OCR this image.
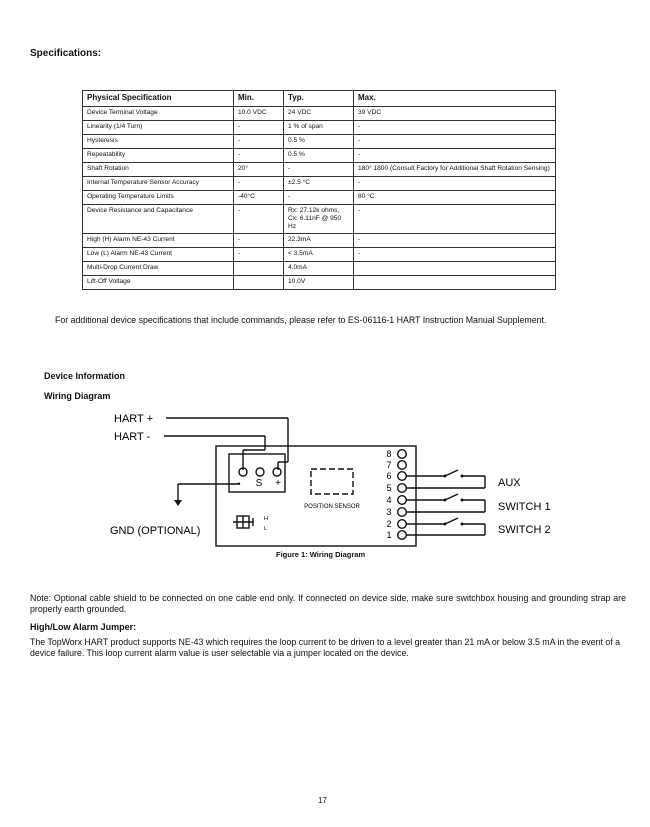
Specifications:
Physical Specification	Min.	Typ.	Max.
Device Terminal Voltage	10.0 VDC	24 VDC	39 VDC
Linearity (1/4 Turn)	-	1 % of span	-
Hysteresis	-	0.5 %	-
Repeatability	-	0.5 %	-
Shaft Rotation	20°	-	180° 1800 (Consult Factory for Additional Shaft Rotation Sensing)
Internal Temperature Sensor Accuracy	-	±2.5 °C	-
Operating Temperature Limits	-40°C	-	80 °C
Device Resistance and Capacitance	-	Rx: 27.12k ohms, Cx: 6.11nF @ 950 Hz	-
High (H) Alarm NE-43 Current	-	22.3mA	-
Low (L) Alarm NE-43 Current	-	< 3.5mA	-
Multi-Drop Current Draw		4.0mA	
Lift-Off Voltage		10.0V	
For additional device specifications that include commands, please refer to ES-06116-1 HART Instruction Manual Supplement.
Device Information
Wiring Diagram
HART +
HART -
GND (OPTIONAL)
- S +
POSITION SENSOR
H
L
8
7
6
5
4
3
2
1
AUX
SWITCH 1
SWITCH 2
Figure 1: Wiring Diagram
Note: Optional cable shield to be connected on one cable end only. If connected on device side, make sure switchbox housing and grounding strap are properly earth grounded.
High/Low Alarm Jumper:
The TopWorx HART product supports NE-43 which requires the loop current to be driven to a level greater than 21 mA or below 3.5 mA in the event of a device failure. This loop current alarm value is user selectable via a jumper located on the device.
17
